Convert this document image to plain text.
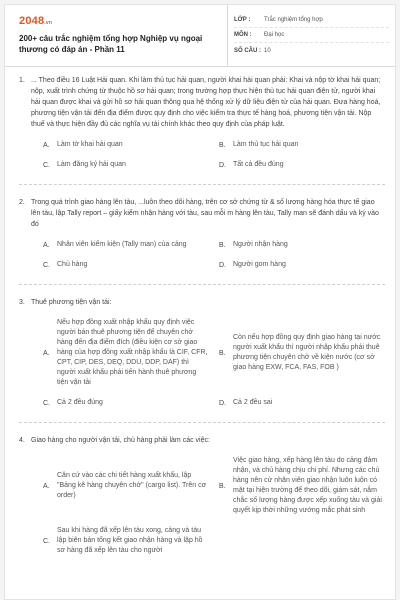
2048.vn
200+ câu trắc nghiệm tổng hợp Nghiệp vụ ngoại thương có đáp án - Phần 11
LỚP :	Trắc nghiệm tổng hợp
MÔN :	Đại học
SỐ CÂU : 10
1. ... Theo điều 16 Luật Hải quan. Khi làm thủ tục hải quan, người khai hải quan phải: Khai và nộp tờ khai hải quan; nộp, xuất trình chứng từ thuộc hồ sơ hải quan; trong trường hợp thực hiện thủ tục hải quan điện tử, người khai hải quan được khai và gửi hồ sơ hải quan thông qua hệ thống xử lý dữ liệu điện tử của hải quan. Đưa hàng hoá, phương tiện vận tải đến địa điểm được quy định cho việc kiểm tra thực tế hàng hoá, phương tiện vận tải. Nộp thuế và thực hiện đầy đủ các nghĩa vụ tài chính khác theo quy định của pháp luật.
A.	Làm tờ khai hải quan	B.	Làm thủ tục hải quan
C.	Làm đăng ký hải quan	D.	Tất cả đều đúng
2. Trong quá trình giao hàng lên tàu, ...luôn theo dõi hàng, trên cơ sở chứng từ & số lượng hàng hóa thực tế giao lên tàu, lập Tally report – giấy kiểm nhận hàng với tàu, sau mỗi m hàng lên tàu, Tally man sẽ đánh dấu và ký vào đó
A.	Nhân viên kiểm kiện (Tally man) của cảng	B.	Người nhận hàng
C.	Chủ hàng	D.	Người gom hàng
3. Thuê phương tiện vận tải:
A.
Nếu hợp đồng xuất nhập khẩu quy định việc người bán thuê phương tiện để chuyên chở hàng đến địa điểm đích (điều kiện cơ sở giao hàng của hợp đồng xuất nhập khẩu là CIF, CFR, CPT, CIP, DES, DEQ, DDU, DDP, DAF) thì người xuất khẩu phải tiến hành thuê phương tiện vận tải
B.
Còn nếu hợp đồng quy định giao hàng tại nước người xuất khẩu thì người nhập khẩu phải thuê phương tiện chuyên chở về kiện nước (cơ sở giao hàng EXW, FCA, FAS, FOB )
C.	Cả 2 đều đúng	D.	Cả 2 đều sai
4. Giao hàng cho người vận tải, chủ hàng phải làm các việc:
A.
Căn cứ vào các chi tiết hàng xuất khẩu, lập "Bảng kê hàng chuyên chở" (cargo list). Trên cơ order)
B.
Việc giao hàng, xếp hàng lên tàu do cảng đảm nhận, và chủ hàng chịu chi phí. Nhưng các chủ hàng nên cử nhân viên giao nhận luôn luôn có mặt tại hiện trường để theo dõi, giám sát, nắm chắc số lượng hàng được xếp xuống tàu và giải quyết kịp thời những vướng mắc phát sinh
C.
Sau khi hàng đã xếp lên tàu xong, cảng và tàu lập biên bản tổng kết giao nhận hàng và lập hồ sơ hàng đã xếp lên tàu cho người
